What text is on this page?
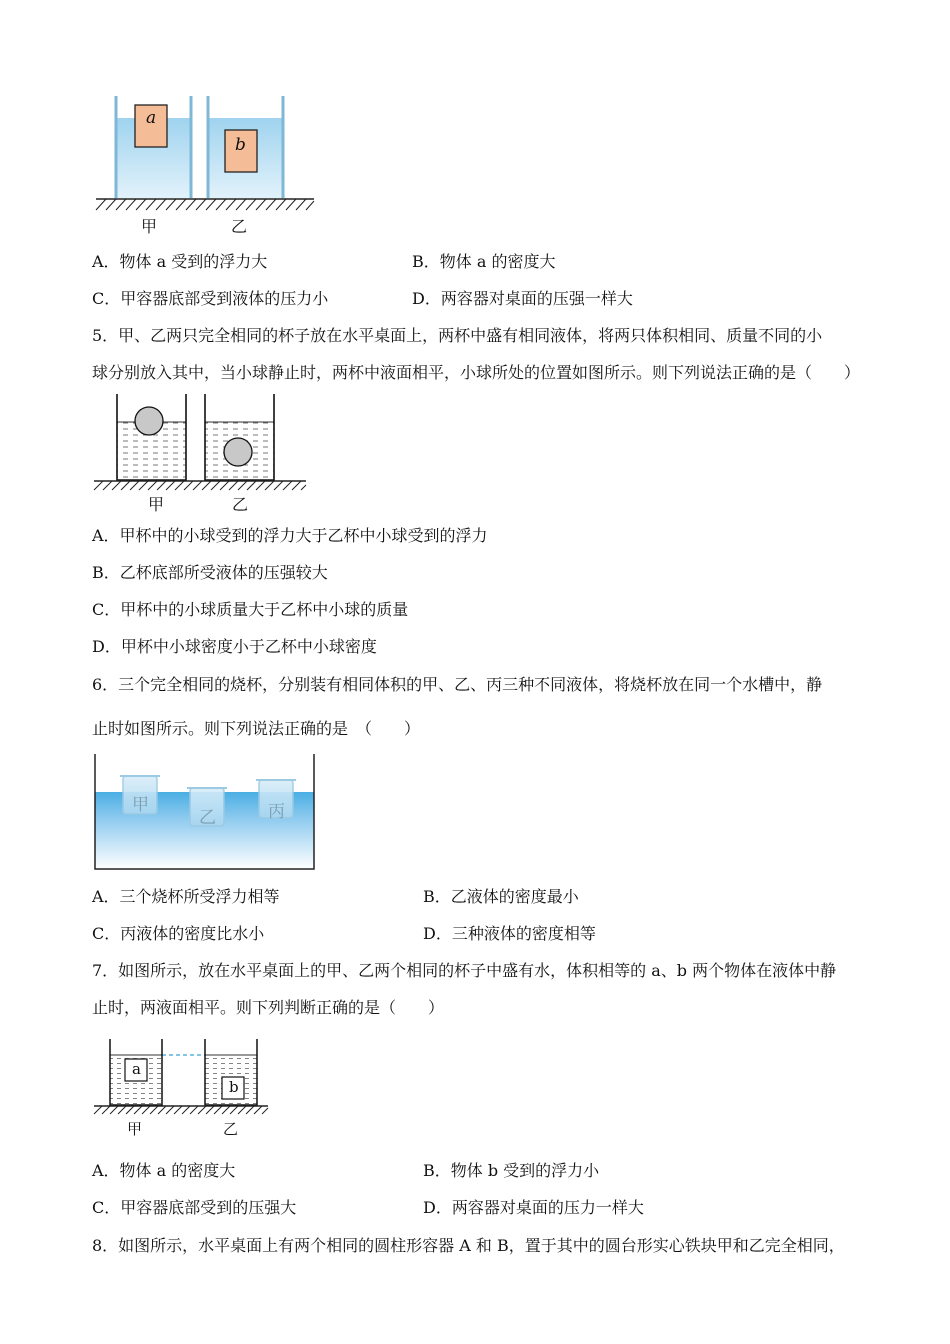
a
b
甲	乙
A．物体 a 受到的浮力大	B．物体 a 的密度大
C．甲容器底部受到液体的压力小	D．两容器对桌面的压强一样大
5．甲、乙两只完全相同的杯子放在水平桌面上，两杯中盛有相同液体，将两只体积相同、质量不同的小
球分别放入其中，当小球静止时，两杯中液面相平，小球所处的位置如图所示。则下列说法正确的是（　　）
甲	乙
A．甲杯中的小球受到的浮力大于乙杯中小球受到的浮力
B．乙杯底部所受液体的压强较大
C．甲杯中的小球质量大于乙杯中小球的质量
D．甲杯中小球密度小于乙杯中小球密度
6．三个完全相同的烧杯，分别装有相同体积的甲、乙、丙三种不同液体，将烧杯放在同一个水槽中，静
止时如图所示。则下列说法正确的是　（　　）
甲
乙	丙
A．三个烧杯所受浮力相等	B．乙液体的密度最小
C．丙液体的密度比水小	D．三种液体的密度相等
7．如图所示，放在水平桌面上的甲、乙两个相同的杯子中盛有水，体积相等的 a、b 两个物体在液体中静
止时，两液面相平。则下列判断正确的是（　　）
a
b
甲	乙
A．物体 a 的密度大	B．物体 b 受到的浮力小
C．甲容器底部受到的压强大	D．两容器对桌面的压力一样大
8．如图所示，水平桌面上有两个相同的圆柱形容器 A 和 B，置于其中的圆台形实心铁块甲和乙完全相同，
